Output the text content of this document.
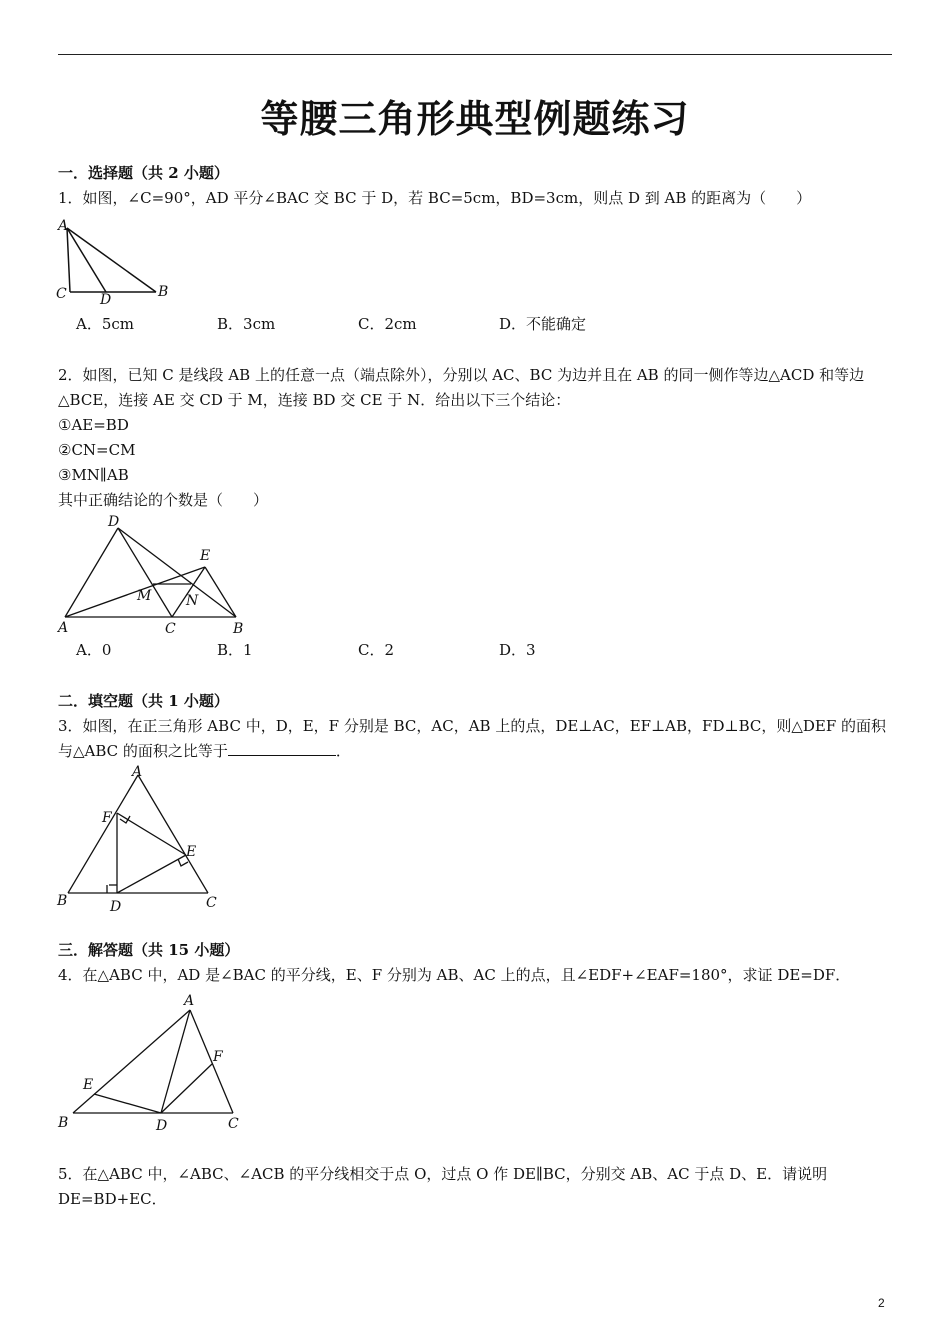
等腰三角形典型例题练习
一．选择题（共 2 小题）
1．如图，∠C=90°，AD 平分∠BAC 交 BC 于 D，若 BC=5cm，BD=3cm，则点 D 到 AB 的距离为（　　）
A
C D	B
A．5cm	B．3cm	C．2cm	D．不能确定
2．如图，已知 C 是线段 AB 上的任意一点（端点除外），分别以 AC、BC 为边并且在 AB 的同一侧作等边△ACD 和等边△BCE，连接 AE 交 CD 于 M，连接 BD 交 CE 于 N．给出以下三个结论：
①AE=BD
②CN=CM
③MN∥AB
其中正确结论的个数是（　　）
D
E
M N
A	C	B
A．0	B．1	C．2	D．3
二．填空题（共 1 小题）
3．如图，在正三角形 ABC 中，D，E，F 分别是 BC，AC，AB 上的点，DE⊥AC，EF⊥AB，FD⊥BC，则△DEF 的面积与△ABC 的面积之比等于	．
A
F
E
B	D	C
三．解答题（共 15 小题）
4．在△ABC 中，AD 是∠BAC 的平分线，E、F 分别为 AB、AC 上的点，且∠EDF+∠EAF=180°，求证 DE=DF．
A
F
E
B	D	C
5．在△ABC 中，∠ABC、∠ACB 的平分线相交于点 O，过点 O 作 DE∥BC，分别交 AB、AC 于点 D、E．请说明 DE=BD+EC．
2
